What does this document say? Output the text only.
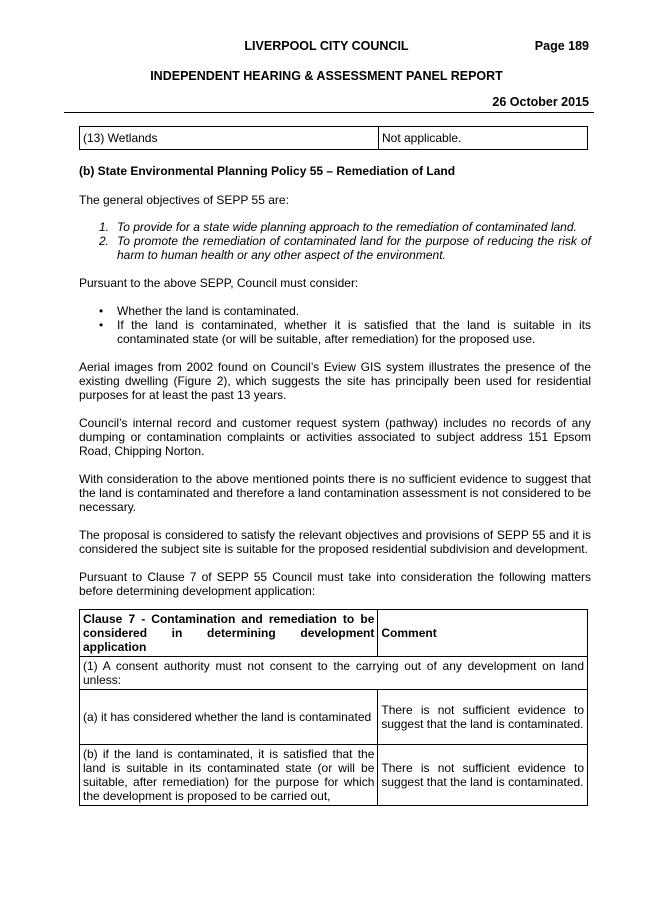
LIVERPOOL CITY COUNCIL	Page 189
INDEPENDENT HEARING & ASSESSMENT PANEL REPORT
26 October 2015
(13) Wetlands	Not applicable.
(b) State Environmental Planning Policy 55 – Remediation of Land
The general objectives of SEPP 55 are:
1. To provide for a state wide planning approach to the remediation of contaminated land.
2. To promote the remediation of contaminated land for the purpose of reducing the risk of harm to human health or any other aspect of the environment.
Pursuant to the above SEPP, Council must consider:
• Whether the land is contaminated.
• If the land is contaminated, whether it is satisfied that the land is suitable in its contaminated state (or will be suitable, after remediation) for the proposed use.
Aerial images from 2002 found on Council’s Eview GIS system illustrates the presence of the existing dwelling (Figure 2), which suggests the site has principally been used for residential purposes for at least the past 13 years.
Council’s internal record and customer request system (pathway) includes no records of any dumping or contamination complaints or activities associated to subject address 151 Epsom Road, Chipping Norton.
With consideration to the above mentioned points there is no sufficient evidence to suggest that the land is contaminated and therefore a land contamination assessment is not considered to be necessary.
The proposal is considered to satisfy the relevant objectives and provisions of SEPP 55 and it is considered the subject site is suitable for the proposed residential subdivision and development.
Pursuant to Clause 7 of SEPP 55 Council must take into consideration the following matters before determining development application:
Clause 7 - Contamination and remediation to be considered in determining development application	Comment
(1) A consent authority must not consent to the carrying out of any development on land unless:	
(a) it has considered whether the land is contaminated	There is not sufficient evidence to suggest that the land is contaminated.
(b) if the land is contaminated, it is satisfied that the land is suitable in its contaminated state (or will be suitable, after remediation) for the purpose for which the development is proposed to be carried out,	There is not sufficient evidence to suggest that the land is contaminated.
